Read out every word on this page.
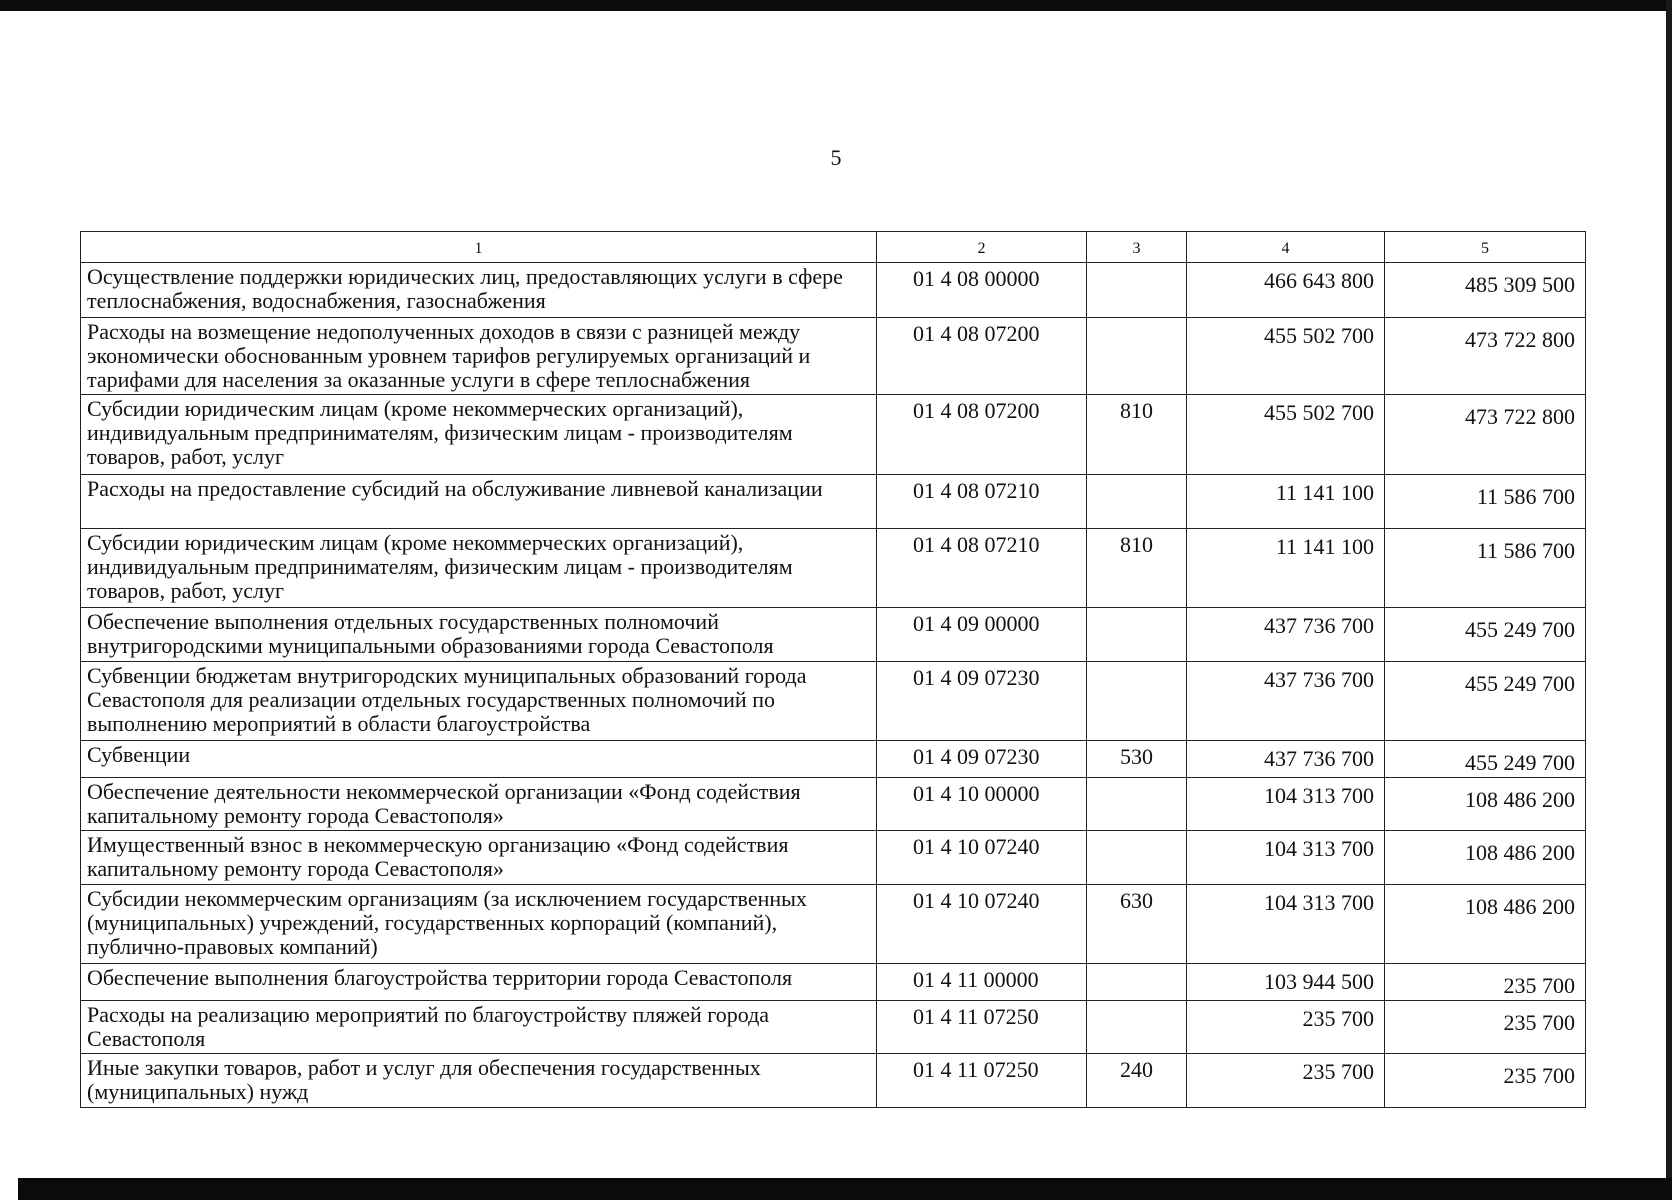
5
1	2	3	4	5
Осуществление поддержки юридических лиц, предоставляющих услуги в сфере теплоснабжения, водоснабжения, газоснабжения	01 4 08 00000		466 643 800	485 309 500
Расходы на возмещение недополученных доходов в связи с разницей между экономически обоснованным уровнем тарифов регулируемых организаций и тарифами для населения за оказанные услуги в сфере теплоснабжения	01 4 08 07200		455 502 700	473 722 800
Субсидии юридическим лицам (кроме некоммерческих организаций), индивидуальным предпринимателям, физическим лицам - производителям товаров, работ, услуг	01 4 08 07200	810	455 502 700	473 722 800
Расходы на предоставление субсидий на обслуживание ливневой канализации	01 4 08 07210		11 141 100	11 586 700
Субсидии юридическим лицам (кроме некоммерческих организаций), индивидуальным предпринимателям, физическим лицам - производителям товаров, работ, услуг	01 4 08 07210	810	11 141 100	11 586 700
Обеспечение выполнения отдельных государственных полномочий внутригородскими муниципальными образованиями города Севастополя	01 4 09 00000		437 736 700	455 249 700
Субвенции бюджетам внутригородских муниципальных образований города Севастополя для реализации отдельных государственных полномочий по выполнению мероприятий в области благоустройства	01 4 09 07230		437 736 700	455 249 700
Субвенции	01 4 09 07230	530	437 736 700	455 249 700
Обеспечение деятельности некоммерческой организации «Фонд содействия капитальному ремонту города Севастополя»	01 4 10 00000		104 313 700	108 486 200
Имущественный взнос в некоммерческую организацию «Фонд содействия капитальному ремонту города Севастополя»	01 4 10 07240		104 313 700	108 486 200
Субсидии некоммерческим организациям (за исключением государственных (муниципальных) учреждений, государственных корпораций (компаний), публично-правовых компаний)	01 4 10 07240	630	104 313 700	108 486 200
Обеспечение выполнения благоустройства территории города Севастополя	01 4 11 00000		103 944 500	235 700
Расходы на реализацию мероприятий по благоустройству пляжей города Севастополя	01 4 11 07250		235 700	235 700
Иные закупки товаров, работ и услуг для обеспечения государственных (муниципальных) нужд	01 4 11 07250	240	235 700	235 700
